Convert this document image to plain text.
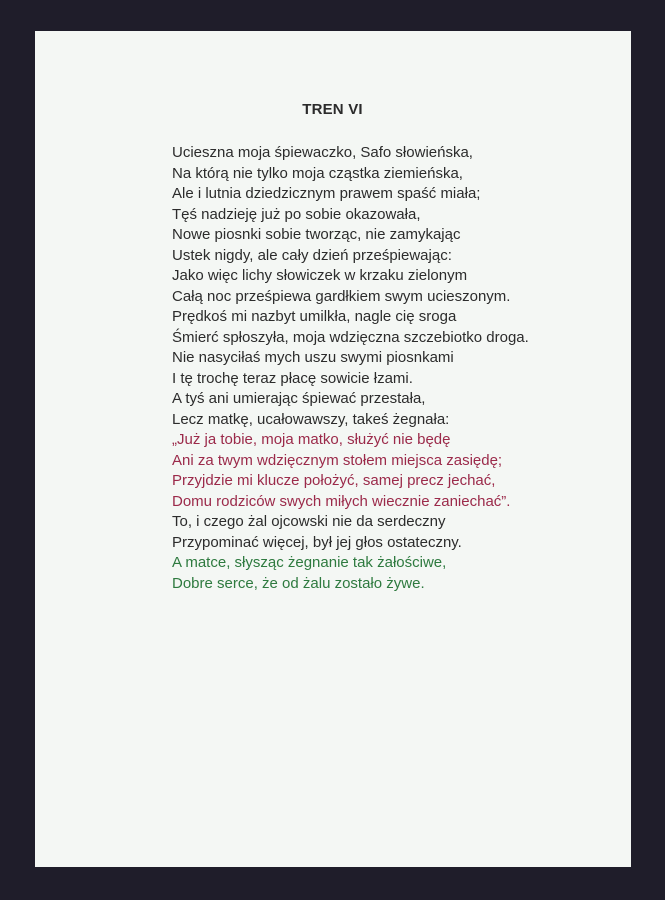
TREN VI
Ucieszna moja śpiewaczko, Safo słowieńska,
Na którą nie tylko moja cząstka ziemieńska,
Ale i lutnia dziedzicznym prawem spaść miała;
Tęś nadzieję już po sobie okazowała,
Nowe piosnki sobie tworząc, nie zamykając
Ustek nigdy, ale cały dzień prześpiewając:
Jako więc lichy słowiczek w krzaku zielonym
Całą noc prześpiewa gardłkiem swym ucieszonym.
Prędkoś mi nazbyt umilkła, nagle cię sroga
Śmierć spłoszyła, moja wdzięczna szczebiotko droga.
Nie nasyciłaś mych uszu swymi piosnkami
I tę trochę teraz płacę sowicie łzami.
A tyś ani umierając śpiewać przestała,
Lecz matkę, ucałowawszy, takeś żegnała:
„Już ja tobie, moja matko, służyć nie będę
Ani za twym wdzięcznym stołem miejsca zasiędę;
Przyjdzie mi klucze położyć, samej precz jechać,
Domu rodziców swych miłych wiecznie zaniechać”.
To, i czego żal ojcowski nie da serdeczny
Przypominać więcej, był jej głos ostateczny.
A matce, słysząc żegnanie tak żałościwe,
Dobre serce, że od żalu zostało żywe.
